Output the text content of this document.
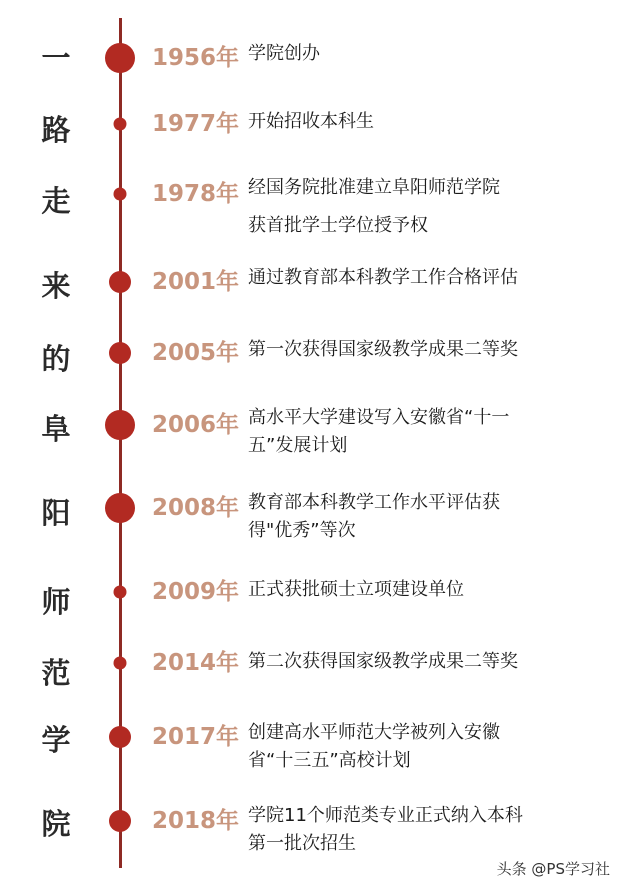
一
路
走
来
的
阜
阳
师
范
学
院
1956年 学院创办
1977年 开始招收本科生
1978年 经国务院批准建立阜阳师范学院
获首批学士学位授予权
2001年 通过教育部本科教学工作合格评估
2005年 第一次获得国家级教学成果二等奖
2006年 高水平大学建设写入安徽省“十一
五”发展计划
2008年 教育部本科教学工作水平评估获
得"优秀”等次
2009年 正式获批硕士立项建设单位
2014年 第二次获得国家级教学成果二等奖
2017年 创建高水平师范大学被列入安徽
省“十三五”高校计划
2018年 学院11个师范类专业正式纳入本科
第一批次招生
头条 @PS学习社
